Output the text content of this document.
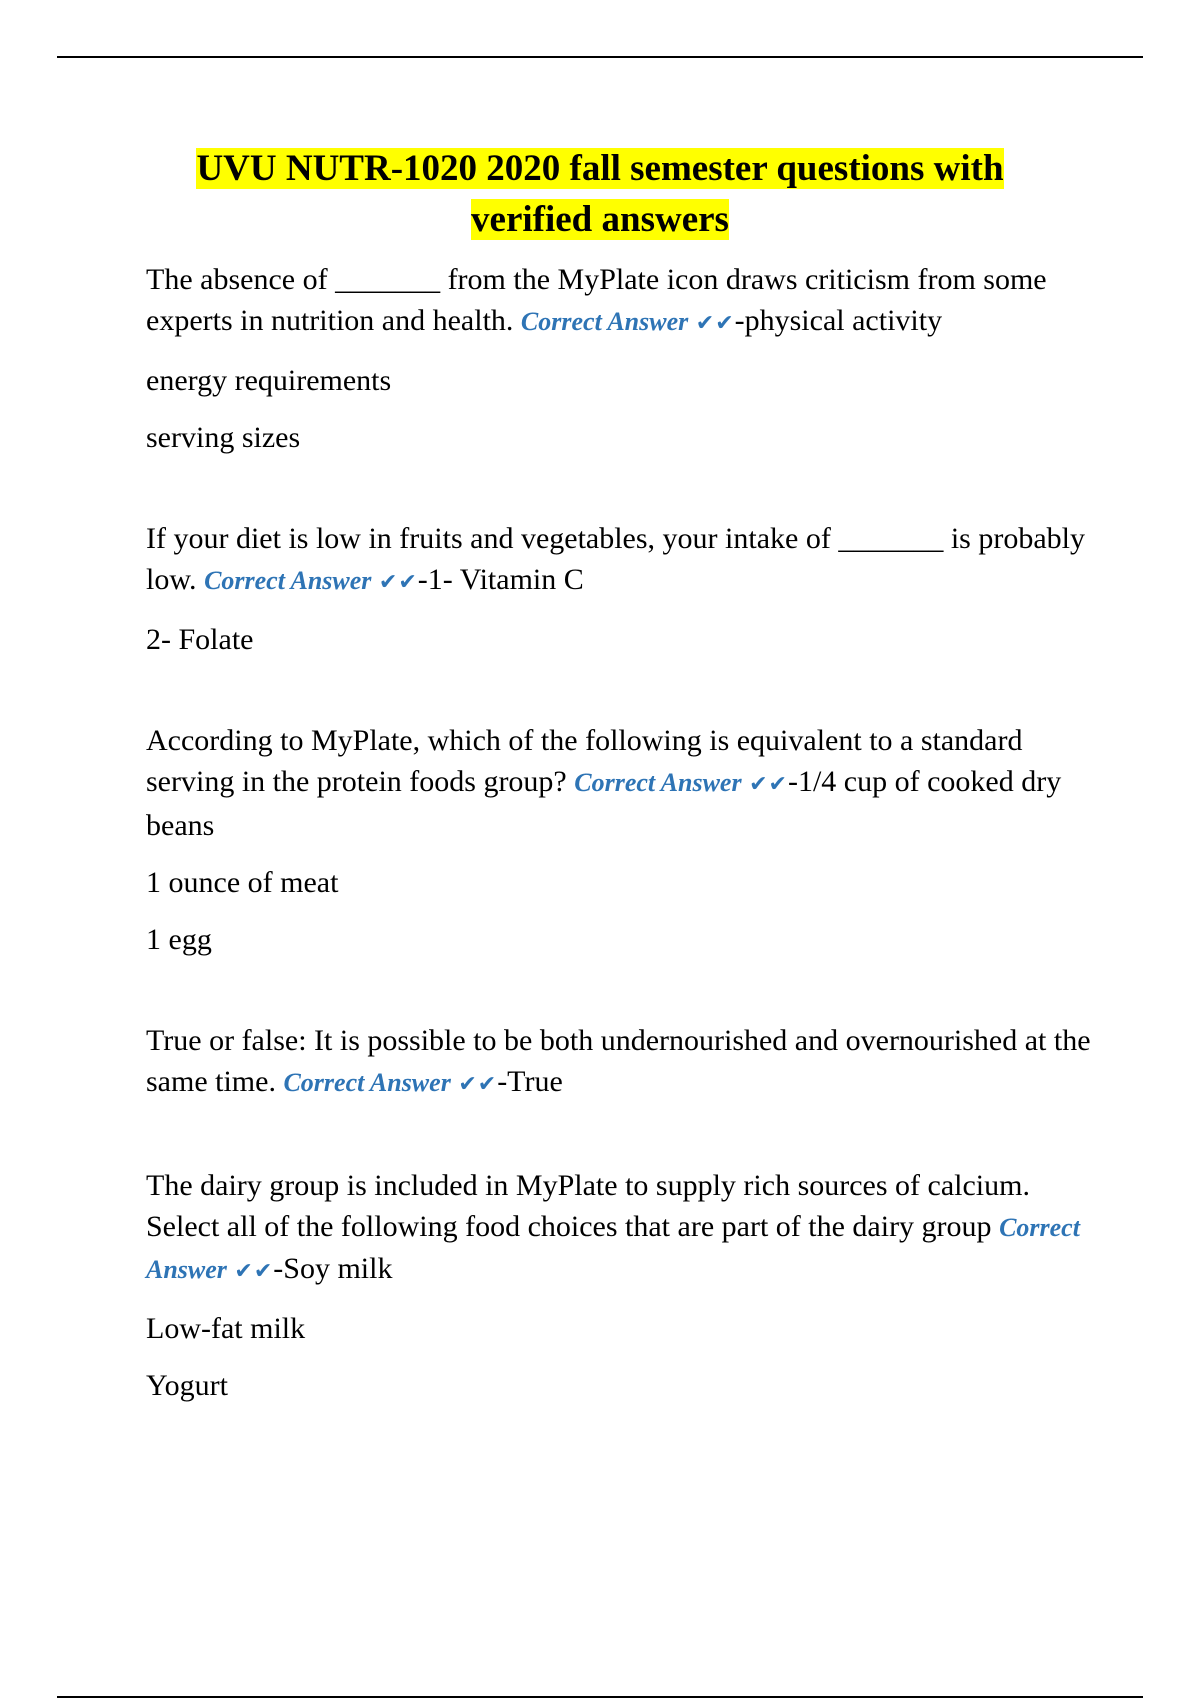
UVU NUTR-1020 2020 fall semester questions with
verified answers

The absence of _______ from the MyPlate icon draws criticism from some experts in nutrition and health. Correct Answer ✔✔-physical activity

energy requirements

serving sizes

If your diet is low in fruits and vegetables, your intake of _______ is probably low. Correct Answer ✔✔-1- Vitamin C

2- Folate

According to MyPlate, which of the following is equivalent to a standard serving in the protein foods group? Correct Answer ✔✔-1/4 cup of cooked dry beans

1 ounce of meat

1 egg

True or false: It is possible to be both undernourished and overnourished at the same time. Correct Answer ✔✔-True

The dairy group is included in MyPlate to supply rich sources of calcium. Select all of the following food choices that are part of the dairy group Correct Answer ✔✔-Soy milk

Low-fat milk

Yogurt
